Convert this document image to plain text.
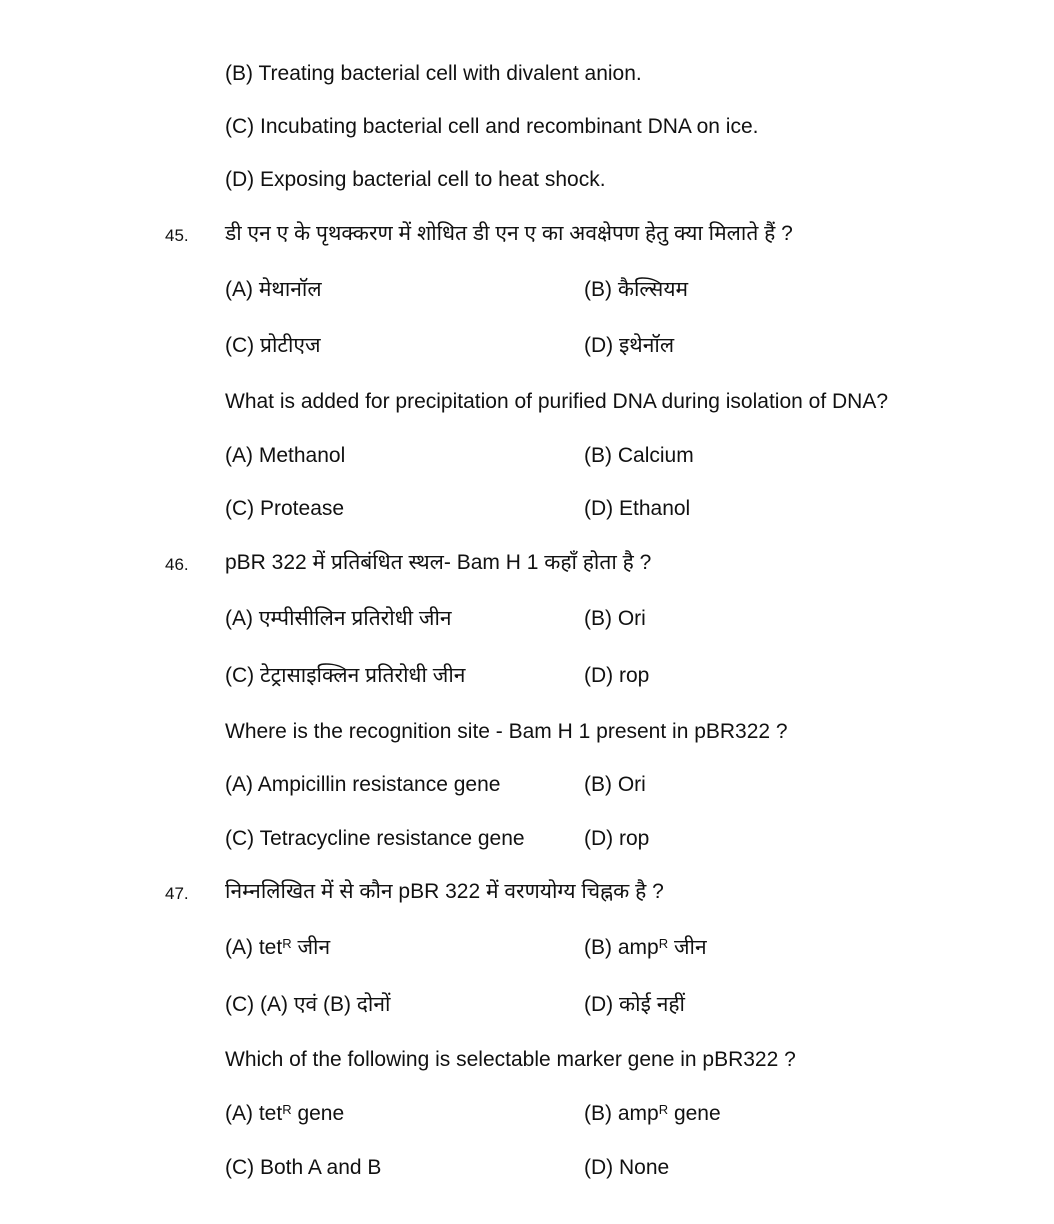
(B) Treating bacterial cell with divalent anion.
(C) Incubating bacterial cell and recombinant DNA on ice.
(D) Exposing bacterial cell to heat shock.
45. डी एन ए के पृथक्करण में शोधित डी एन ए का अवक्षेपण हेतु क्या मिलाते हैं ?
(A) मेथानॉल	(B) कैल्सियम
(C) प्रोटीएज	(D) इथेनॉल
What is added for precipitation of purified DNA during isolation of DNA?
(A) Methanol	(B) Calcium
(C) Protease	(D) Ethanol
46. pBR 322 में प्रतिबंधित स्थल- Bam H 1 कहाँ होता है ?
(A) एम्पीसीलिन प्रतिरोधी जीन	(B) Ori
(C) टेट्रासाइक्लिन प्रतिरोधी जीन	(D) rop
Where is the recognition site - Bam H 1 present in pBR322 ?
(A) Ampicillin resistance gene	(B) Ori
(C) Tetracycline resistance gene	(D) rop
47. निम्नलिखित में से कौन pBR 322 में वरणयोग्य चिह्नक है ?
(A) tet$^R$ जीन	(B) amp$^R$ जीन
(C) (A) एवं (B) दोनों	(D) कोई नहीं
Which of the following is selectable marker gene in pBR322 ?
(A) tet$^R$ gene	(B) amp$^R$ gene
(C) Both A and B	(D) None
